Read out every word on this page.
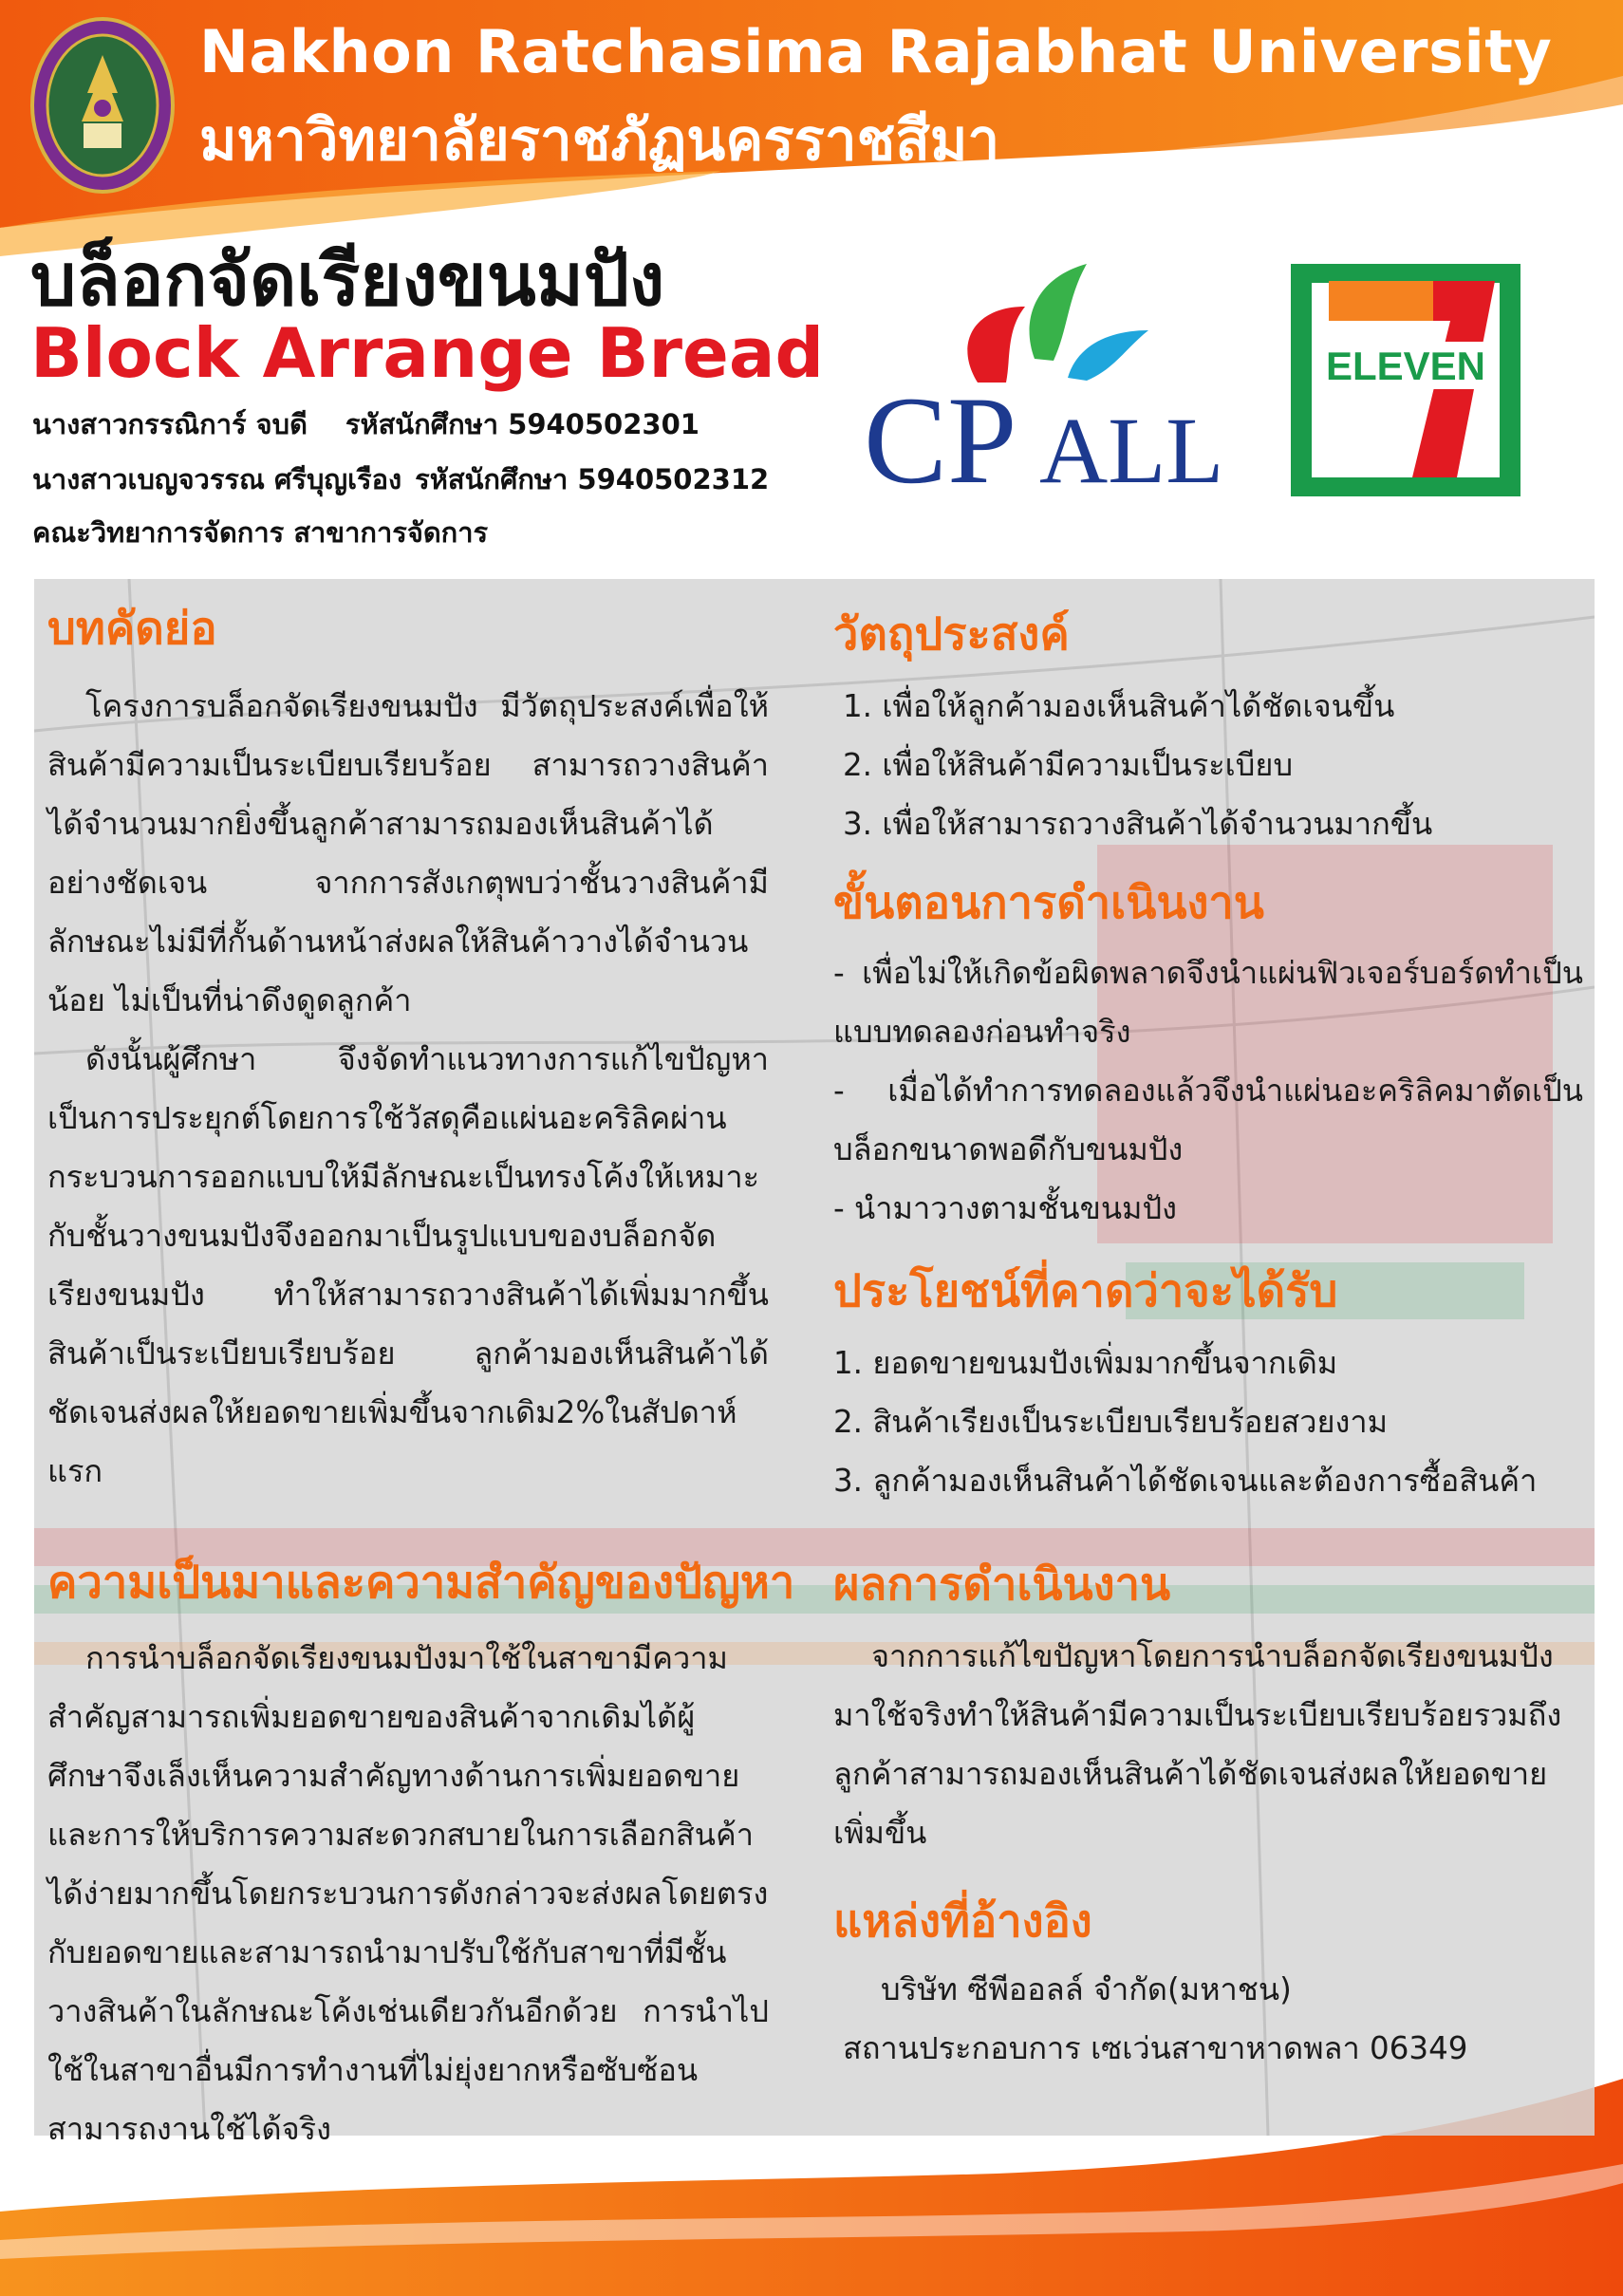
Nakhon Ratchasima Rajabhat University
มหาวิทยาลัยราชภัฏนครราชสีมา
บล็อกจัดเรียงขนมปัง
Block Arrange Bread
นางสาวกรรณิการ์ จบดี รหัสนักศึกษา 5940502301
นางสาวเบญจวรรณ ศรีบุญเรือง รหัสนักศึกษา 5940502312
คณะวิทยาการจัดการ สาขาการจัดการ
CP ALL
ELEVEN
บทคัดย่อ
โครงการบล็อกจัดเรียงขนมปัง มีวัตถุประสงค์เพื่อให้สินค้ามีความเป็นระเบียบเรียบร้อย สามารถวางสินค้าได้จำนวนมากยิ่งขึ้นลูกค้าสามารถมองเห็นสินค้าได้อย่างชัดเจน จากการสังเกตุพบว่าชั้นวางสินค้ามีลักษณะไม่มีที่กั้นด้านหน้าส่งผลให้สินค้าวางได้จำนวนน้อย ไม่เป็นที่น่าดึงดูดลูกค้า
ดังนั้นผู้ศึกษา จึงจัดทำแนวทางการแก้ไขปัญหาเป็นการประยุกต์โดยการใช้วัสดุคือแผ่นอะคริลิคผ่านกระบวนการออกแบบให้มีลักษณะเป็นทรงโค้งให้เหมาะกับชั้นวางขนมปังจึงออกมาเป็นรูปแบบของบล็อกจัดเรียงขนมปัง ทำให้สามารถวางสินค้าได้เพิ่มมากขึ้นสินค้าเป็นระเบียบเรียบร้อย ลูกค้ามองเห็นสินค้าได้ชัดเจนส่งผลให้ยอดขายเพิ่มขึ้นจากเดิม2%ในสัปดาห์แรก
ความเป็นมาและความสำคัญของปัญหา
การนำบล็อกจัดเรียงขนมปังมาใช้ในสาขามีความสำคัญสามารถเพิ่มยอดขายของสินค้าจากเดิมได้ผู้ศึกษาจึงเล็งเห็นความสำคัญทางด้านการเพิ่มยอดขาย และการให้บริการความสะดวกสบายในการเลือกสินค้าได้ง่ายมากขึ้นโดยกระบวนการดังกล่าวจะส่งผลโดยตรงกับยอดขายและสามารถนำมาปรับใช้กับสาขาที่มีชั้นวางสินค้าในลักษณะโค้งเช่นเดียวกันอีกด้วย การนำไปใช้ในสาขาอื่นมีการทำงานที่ไม่ยุ่งยากหรือซับซ้อนสามารถงานใช้ได้จริง
วัตถุประสงค์
1. เพื่อให้ลูกค้ามองเห็นสินค้าได้ชัดเจนขึ้น
2. เพื่อให้สินค้ามีความเป็นระเบียบ
3. เพื่อให้สามารถวางสินค้าได้จำนวนมากขึ้น
ขั้นตอนการดำเนินงาน
- เพื่อไม่ให้เกิดข้อผิดพลาดจึงนำแผ่นฟิวเจอร์บอร์ดทำเป็นแบบทดลองก่อนทำจริง
- เมื่อได้ทำการทดลองแล้วจึงนำแผ่นอะคริลิคมาตัดเป็นบล็อกขนาดพอดีกับขนมปัง
- นำมาวางตามชั้นขนมปัง
ประโยชน์ที่คาดว่าจะได้รับ
1. ยอดขายขนมปังเพิ่มมากขึ้นจากเดิม
2. สินค้าเรียงเป็นระเบียบเรียบร้อยสวยงาม
3. ลูกค้ามองเห็นสินค้าได้ชัดเจนและต้องการซื้อสินค้า
ผลการดำเนินงาน
จากการแก้ไขปัญหาโดยการนำบล็อกจัดเรียงขนมปังมาใช้จริงทำให้สินค้ามีความเป็นระเบียบเรียบร้อยรวมถึงลูกค้าสามารถมองเห็นสินค้าได้ชัดเจนส่งผลให้ยอดขายเพิ่มขึ้น
แหล่งที่อ้างอิง
บริษัท ซีพีออลล์ จำกัด(มหาชน)
สถานประกอบการ เซเว่นสาขาหาดพลา 06349
